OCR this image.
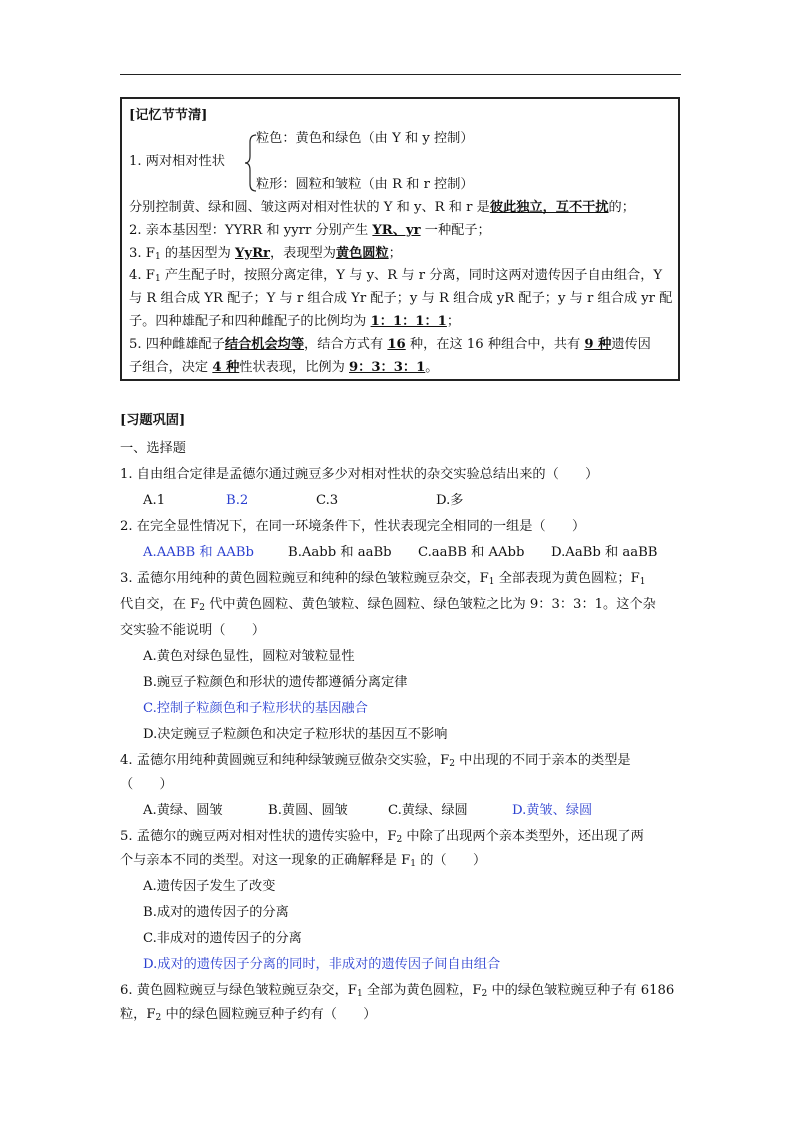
[记忆节节清]
粒色：黄色和绿色（由 Y 和 y 控制）
1. 两对相对性状
粒形：圆粒和皱粒（由 R 和 r 控制）
分别控制黄、绿和圆、皱这两对相对性状的 Y 和 y、R 和 r 是彼此独立，互不干扰的；
2. 亲本基因型：YYRR 和 yyrr 分别产生 YR、yr 一种配子；
3. $F_1$ 的基因型为 YyRr，表现型为黄色圆粒；
4. $F_1$ 产生配子时，按照分离定律，Y 与 y、R 与 r 分离，同时这两对遗传因子自由组合，Y
与 R 组合成 YR 配子；Y 与 r 组合成 Yr 配子；y 与 R 组合成 yR 配子；y 与 r 组合成 yr 配
子。四种雄配子和四种雌配子的比例均为 1：1：1：1；
5. 四种雌雄配子结合机会均等，结合方式有 16 种，在这 16 种组合中，共有 9 种遗传因
子组合，决定 4 种性状表现，比例为 9：3：3：1。
[习题巩固]
一、选择题
1. 自由组合定律是孟德尔通过豌豆多少对相对性状的杂交实验总结出来的（　　）
A.1	B.2	C.3	D.多
2. 在完全显性情况下，在同一环境条件下，性状表现完全相同的一组是（　　）
A.AABB 和 AABb	B.Aabb 和 aaBb C.aaBB 和 AAbb D.AaBb 和 aaBB
3. 孟德尔用纯种的黄色圆粒豌豆和纯种的绿色皱粒豌豆杂交，$F_1$ 全部表现为黄色圆粒；$F_1$
代自交，在 $F_2$ 代中黄色圆粒、黄色皱粒、绿色圆粒、绿色皱粒之比为 9：3：3：1。这个杂
交实验不能说明（　　）
A.黄色对绿色显性，圆粒对皱粒显性
B.豌豆子粒颜色和形状的遗传都遵循分离定律
C.控制子粒颜色和子粒形状的基因融合
D.决定豌豆子粒颜色和决定子粒形状的基因互不影响
4. 孟德尔用纯种黄圆豌豆和纯种绿皱豌豆做杂交实验，$F_2$ 中出现的不同于亲本的类型是
（　　）
A.黄绿、圆皱	B.黄圆、圆皱	C.黄绿、绿圆	D.黄皱、绿圆
5. 孟德尔的豌豆两对相对性状的遗传实验中，$F_2$ 中除了出现两个亲本类型外，还出现了两
个与亲本不同的类型。对这一现象的正确解释是 $F_1$ 的（　　）
A.遗传因子发生了改变
B.成对的遗传因子的分离
C.非成对的遗传因子的分离
D.成对的遗传因子分离的同时，非成对的遗传因子间自由组合
6. 黄色圆粒豌豆与绿色皱粒豌豆杂交，$F_1$ 全部为黄色圆粒，$F_2$ 中的绿色皱粒豌豆种子有 6186
粒，$F_2$ 中的绿色圆粒豌豆种子约有（　　）
